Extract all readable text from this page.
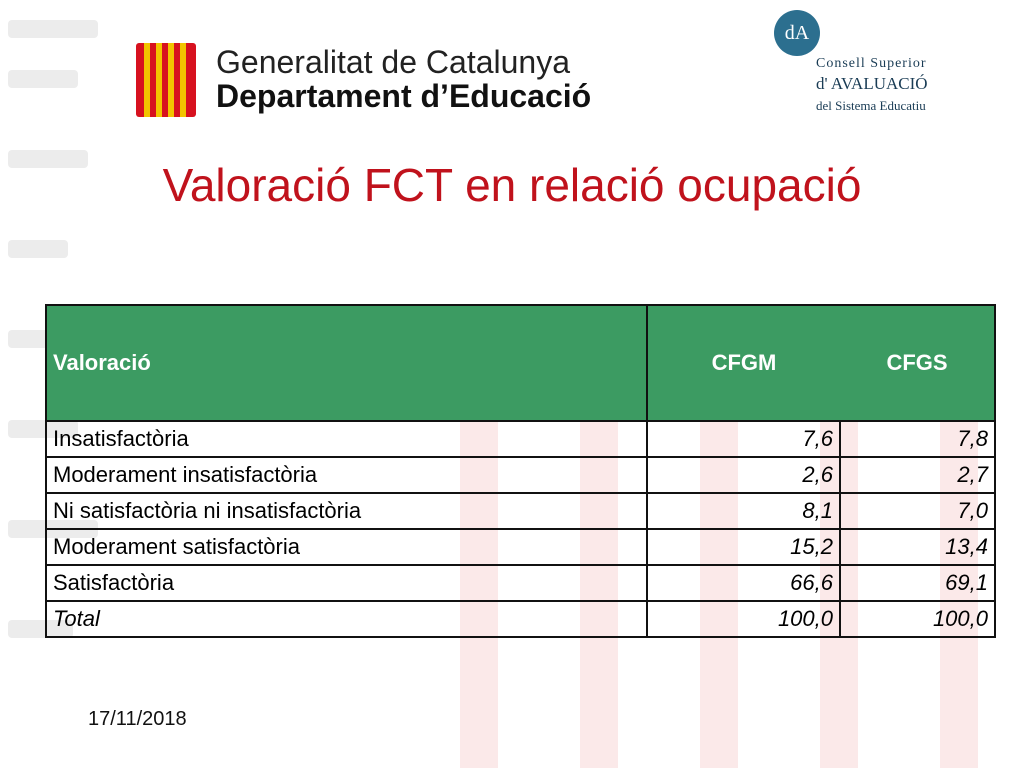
Generalitat de Catalunya
Departament d’Educació
dA
Consell Superior
d' AVALUACIÓ
del Sistema Educatiu
Valoració FCT en relació ocupació
Valoració	CFGM	CFGS
Insatisfactòria	7,6	7,8
Moderament insatisfactòria	2,6	2,7
Ni satisfactòria ni insatisfactòria	8,1	7,0
Moderament satisfactòria	15,2	13,4
Satisfactòria	66,6	69,1
Total	100,0	100,0
17/11/2018
